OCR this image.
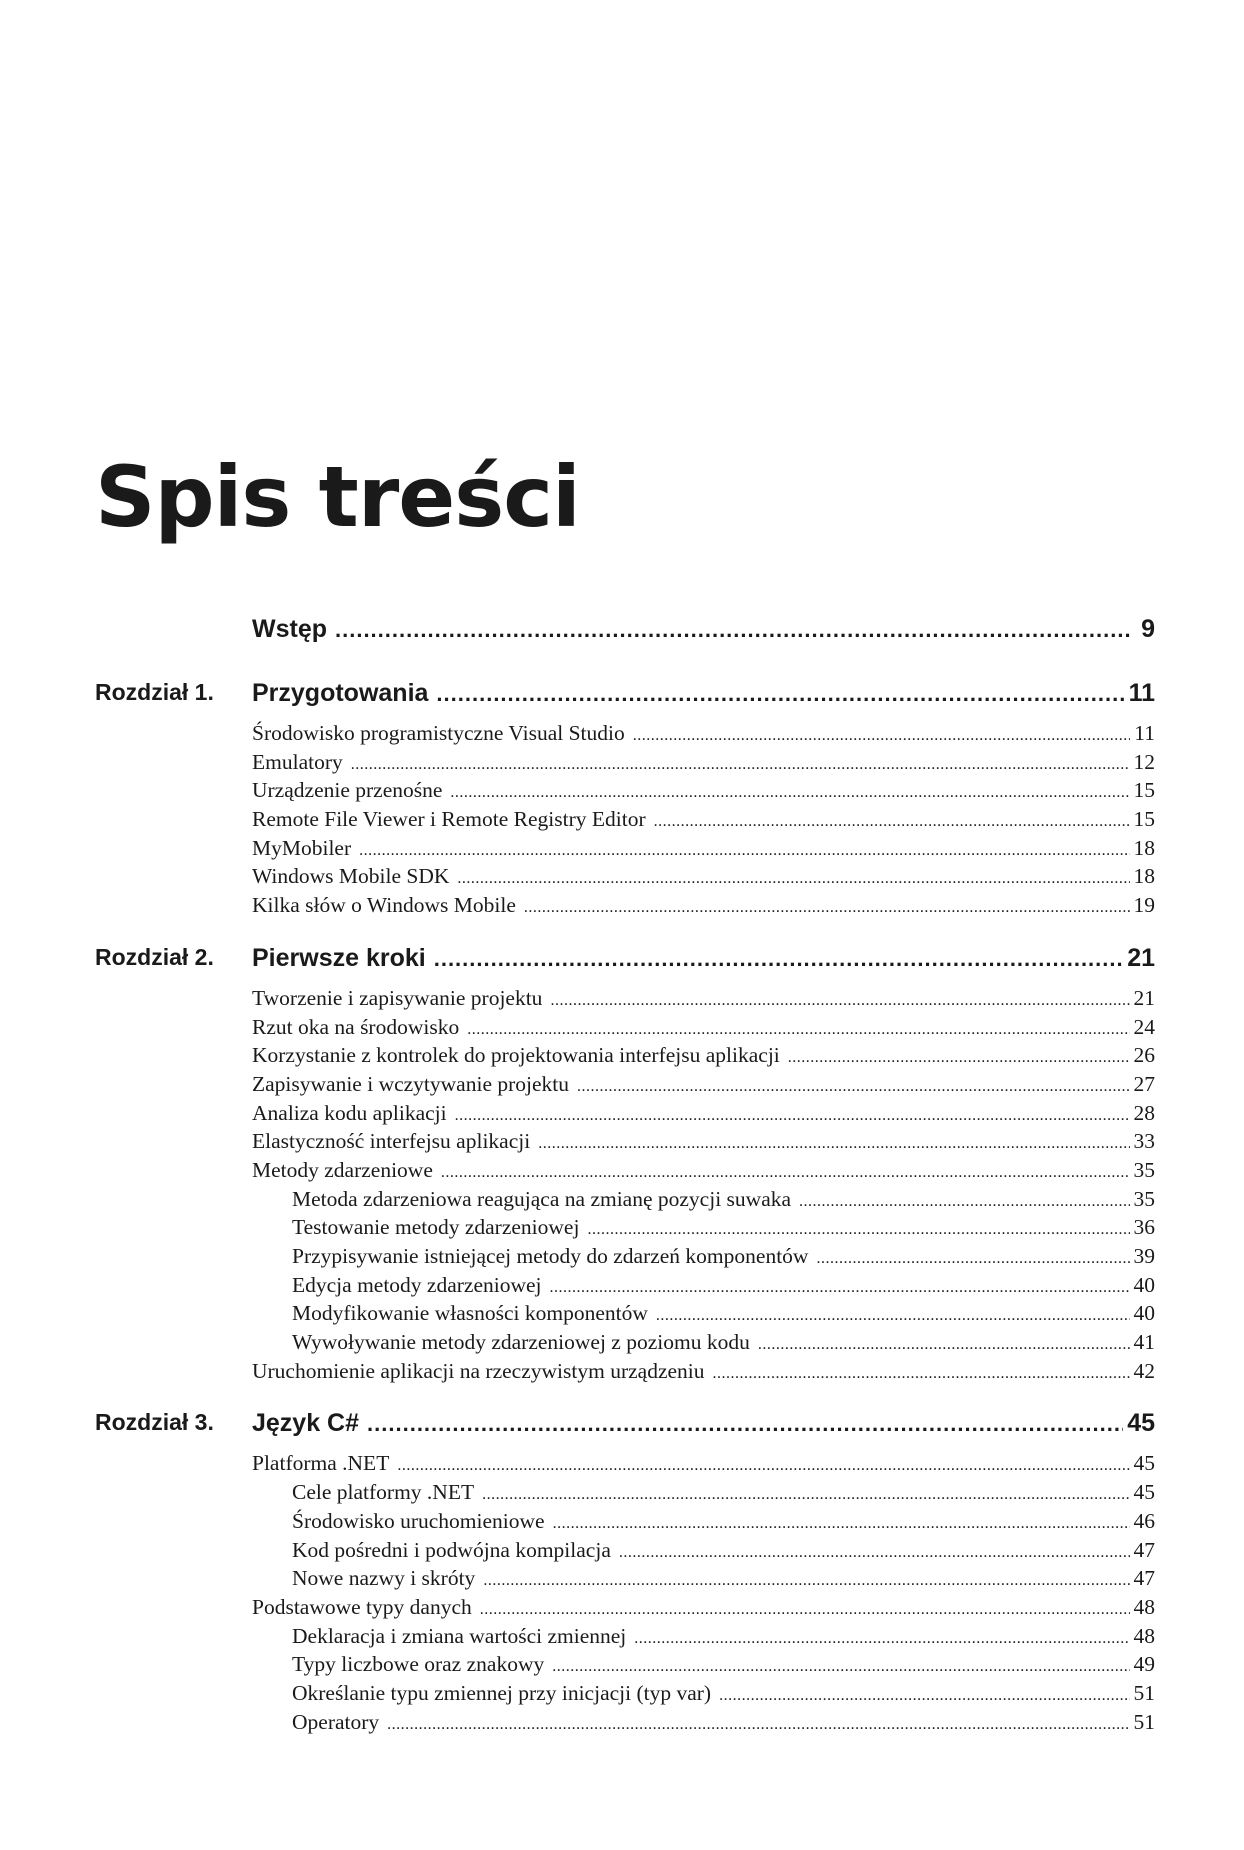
Spis treści
Wstęp .....	9
Rozdział 1. Przygotowania .....	11
Środowisko programistyczne Visual Studio .....	11
Emulatory .....	12
Urządzenie przenośne .....	15
Remote File Viewer i Remote Registry Editor .....	15
MyMobiler .....	18
Windows Mobile SDK .....	18
Kilka słów o Windows Mobile .....	19
Rozdział 2. Pierwsze kroki .....	21
Tworzenie i zapisywanie projektu .....	21
Rzut oka na środowisko .....	24
Korzystanie z kontrolek do projektowania interfejsu aplikacji .....	26
Zapisywanie i wczytywanie projektu .....	27
Analiza kodu aplikacji .....	28
Elastyczność interfejsu aplikacji .....	33
Metody zdarzeniowe .....	35
Metoda zdarzeniowa reagująca na zmianę pozycji suwaka .....	35
Testowanie metody zdarzeniowej .....	36
Przypisywanie istniejącej metody do zdarzeń komponentów .....	39
Edycja metody zdarzeniowej .....	40
Modyfikowanie własności komponentów .....	40
Wywoływanie metody zdarzeniowej z poziomu kodu .....	41
Uruchomienie aplikacji na rzeczywistym urządzeniu .....	42
Rozdział 3. Język C# .....	45
Platforma .NET .....	45
Cele platformy .NET .....	45
Środowisko uruchomieniowe .....	46
Kod pośredni i podwójna kompilacja .....	47
Nowe nazwy i skróty .....	47
Podstawowe typy danych .....	48
Deklaracja i zmiana wartości zmiennej .....	48
Typy liczbowe oraz znakowy .....	49
Określanie typu zmiennej przy inicjacji (typ var) .....	51
Operatory .....	51
